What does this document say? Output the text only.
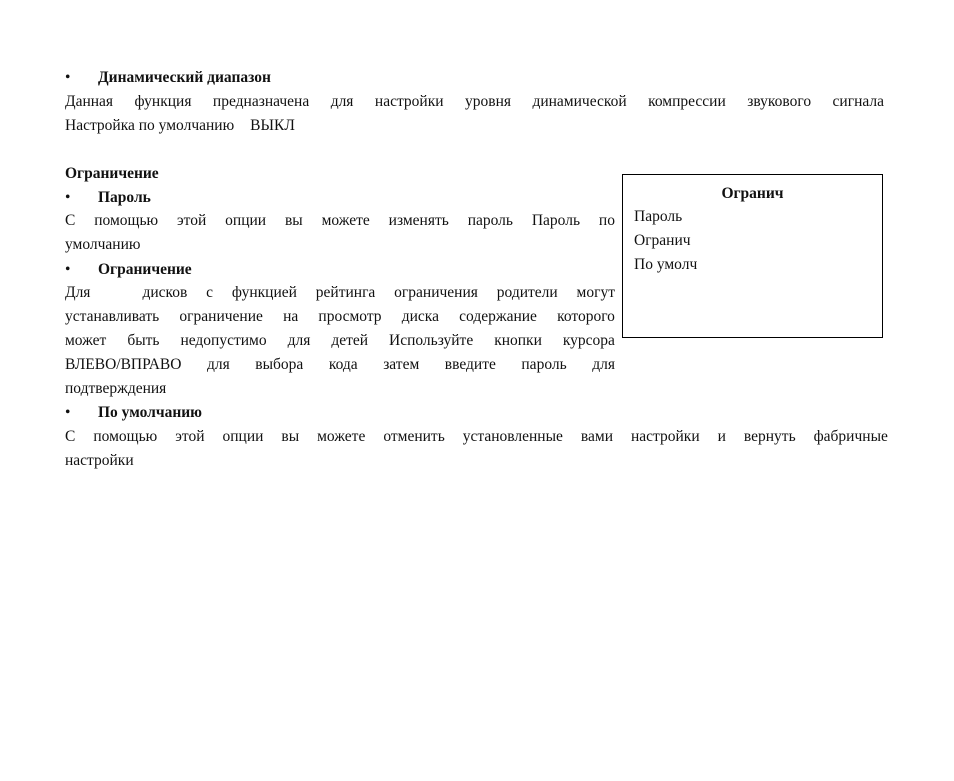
•	Динамический диапазон
Данная функция предназначена для настройки уровня динамической компрессии звукового сигнала
Настройка по умолчанию ВЫКЛ
Ограничение
•	Пароль
С помощью этой опции вы можете изменять пароль Пароль по
умолчанию
•	Ограничение
Для	дисков с функцией рейтинга ограничения родители могут
устанавливать ограничение на просмотр диска содержание которого
может быть недопустимо для детей Используйте кнопки курсора
ВЛЕВО/ВПРАВО для выбора кода затем введите пароль для
подтверждения
•	По умолчанию
С помощью этой опции вы можете отменить установленные вами настройки и вернуть фабричные
настройки
Огранич
Пароль
Огранич
По умолч
